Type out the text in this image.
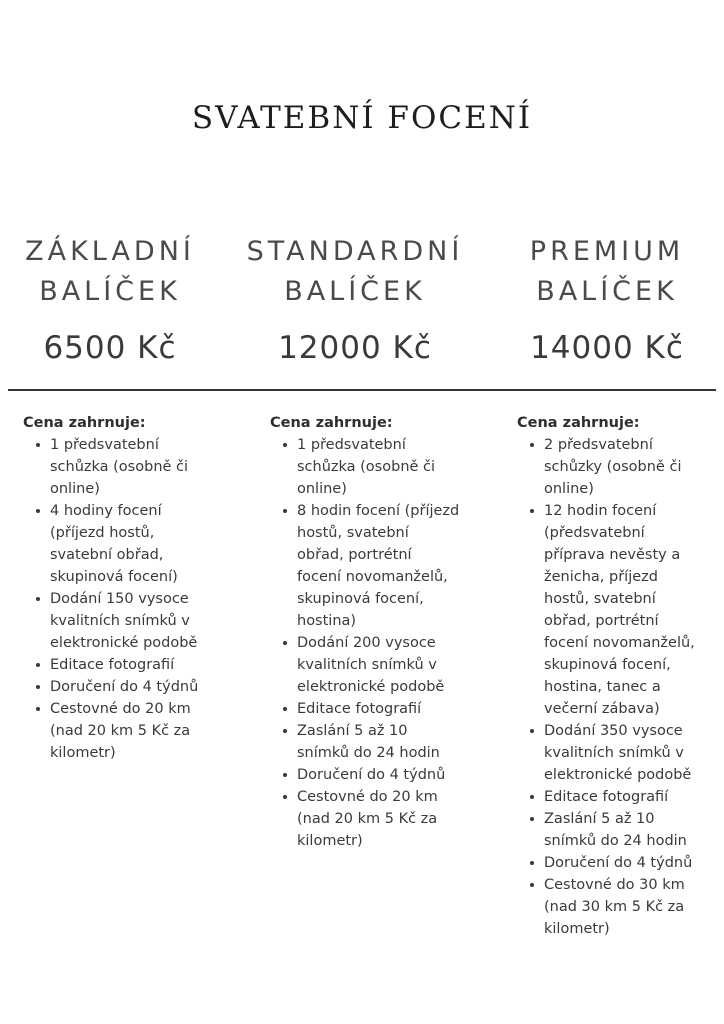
SVATEBNÍ FOCENÍ
ZÁKLADNÍ
BALÍČEK
6500 Kč
STANDARDNÍ
BALÍČEK
12000 Kč
PREMIUM
BALÍČEK
14000 Kč
Cena zahrnuje:
1 předsvatební schůzka (osobně či online)
4 hodiny focení (příjezd hostů, svatební obřad, skupinová focení)
Dodání 150 vysoce kvalitních snímků v elektronické podobě
Editace fotografií
Doručení do 4 týdnů
Cestovné do 20 km (nad 20 km 5 Kč za kilometr)
Cena zahrnuje:
1 předsvatební schůzka (osobně či online)
8 hodin focení (příjezd hostů, svatební obřad, portrétní focení novomanželů, skupinová focení, hostina)
Dodání 200 vysoce kvalitních snímků v elektronické podobě
Editace fotografií
Zaslání 5 až 10 snímků do 24 hodin
Doručení do 4 týdnů
Cestovné do 20 km (nad 20 km 5 Kč za kilometr)
Cena zahrnuje:
2 předsvatební schůzky (osobně či online)
12 hodin focení (předsvatební příprava nevěsty a ženicha, příjezd hostů, svatební obřad, portrétní focení novomanželů, skupinová focení, hostina, tanec a večerní zábava)
Dodání 350 vysoce kvalitních snímků v elektronické podobě
Editace fotografií
Zaslání 5 až 10 snímků do 24 hodin
Doručení do 4 týdnů
Cestovné do 30 km (nad 30 km 5 Kč za kilometr)
